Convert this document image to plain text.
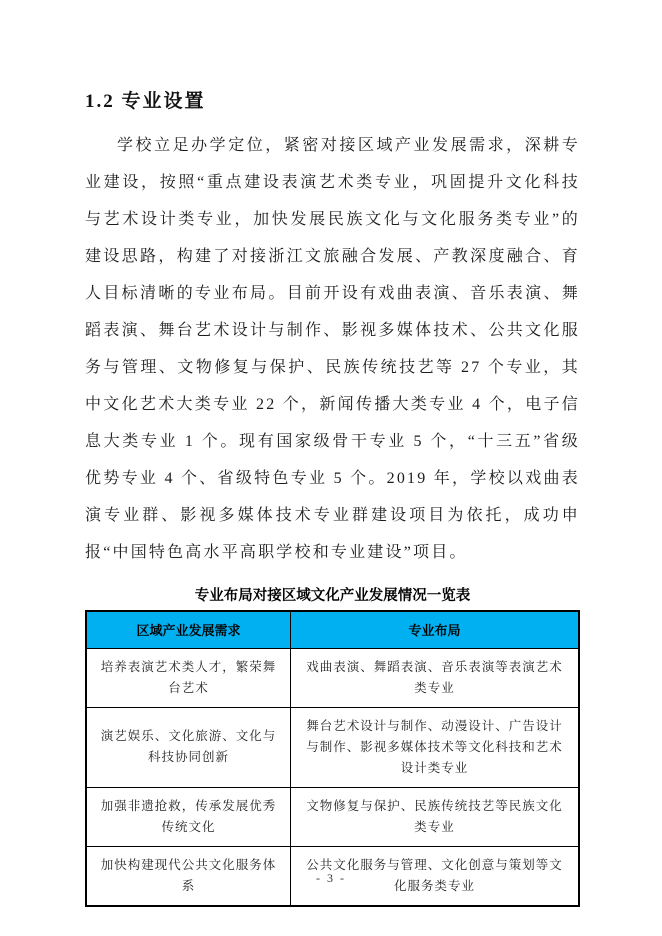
1.2 专业设置
学校立足办学定位，紧密对接区域产业发展需求，深耕专业建设，按照“重点建设表演艺术类专业，巩固提升文化科技与艺术设计类专业，加快发展民族文化与文化服务类专业”的建设思路，构建了对接浙江文旅融合发展、产教深度融合、育人目标清晰的专业布局。目前开设有戏曲表演、音乐表演、舞蹈表演、舞台艺术设计与制作、影视多媒体技术、公共文化服务与管理、文物修复与保护、民族传统技艺等 27 个专业，其中文化艺术大类专业 22 个，新闻传播大类专业 4 个，电子信息大类专业 1 个。现有国家级骨干专业 5 个，“十三五”省级优势专业 4 个、省级特色专业 5 个。2019 年，学校以戏曲表演专业群、影视多媒体技术专业群建设项目为依托，成功申报“中国特色高水平高职学校和专业建设”项目。
专业布局对接区域文化产业发展情况一览表
区域产业发展需求	专业布局
培养表演艺术类人才，繁荣舞台艺术	戏曲表演、舞蹈表演、音乐表演等表演艺术类专业
演艺娱乐、文化旅游、文化与科技协同创新	舞台艺术设计与制作、动漫设计、广告设计与制作、影视多媒体技术等文化科技和艺术设计类专业
加强非遗抢救，传承发展优秀传统文化	文物修复与保护、民族传统技艺等民族文化类专业
加快构建现代公共文化服务体系	公共文化服务与管理、文化创意与策划等文化服务类专业
- 3 -
